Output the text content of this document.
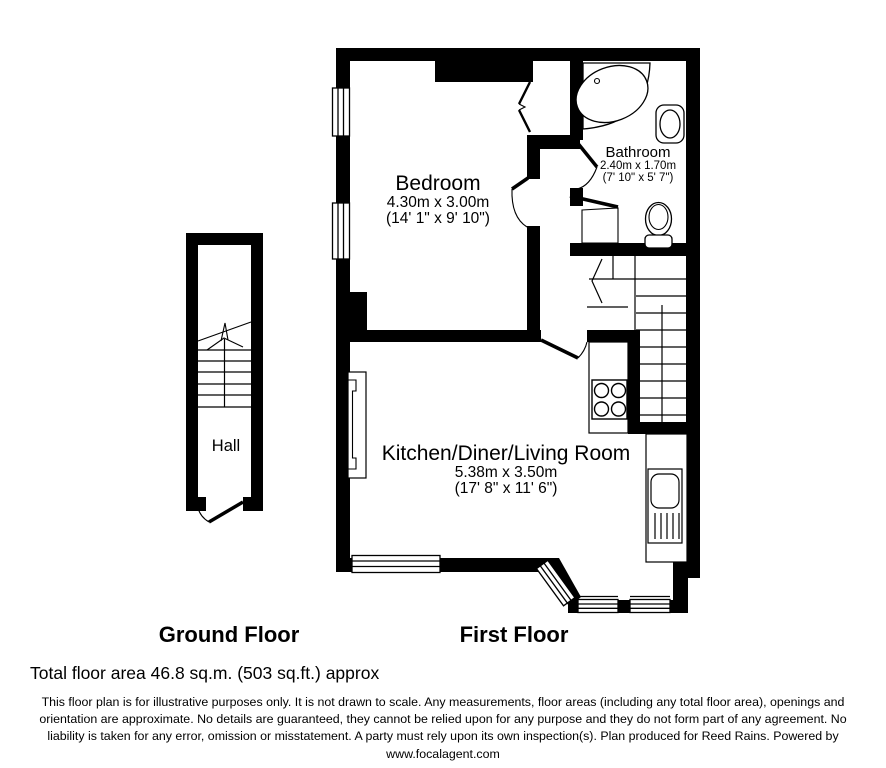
Bedroom
4.30m x 3.00m
(14' 1" x 9' 10")
Bathroom
2.40m x 1.70m
(7' 10" x 5' 7")
Kitchen/Diner/Living Room
5.38m x 3.50m
(17' 8" x 11' 6")
Hall
Ground Floor	First Floor
Total floor area 46.8 sq.m. (503 sq.ft.) approx
This floor plan is for illustrative purposes only. It is not drawn to scale. Any measurements, floor areas (including any total floor area), openings and
orientation are approximate. No details are guaranteed, they cannot be relied upon for any purpose and they do not form part of any agreement. No
liability is taken for any error, omission or misstatement. A party must rely upon its own inspection(s). Plan produced for Reed Rains. Powered by
www.focalagent.com
